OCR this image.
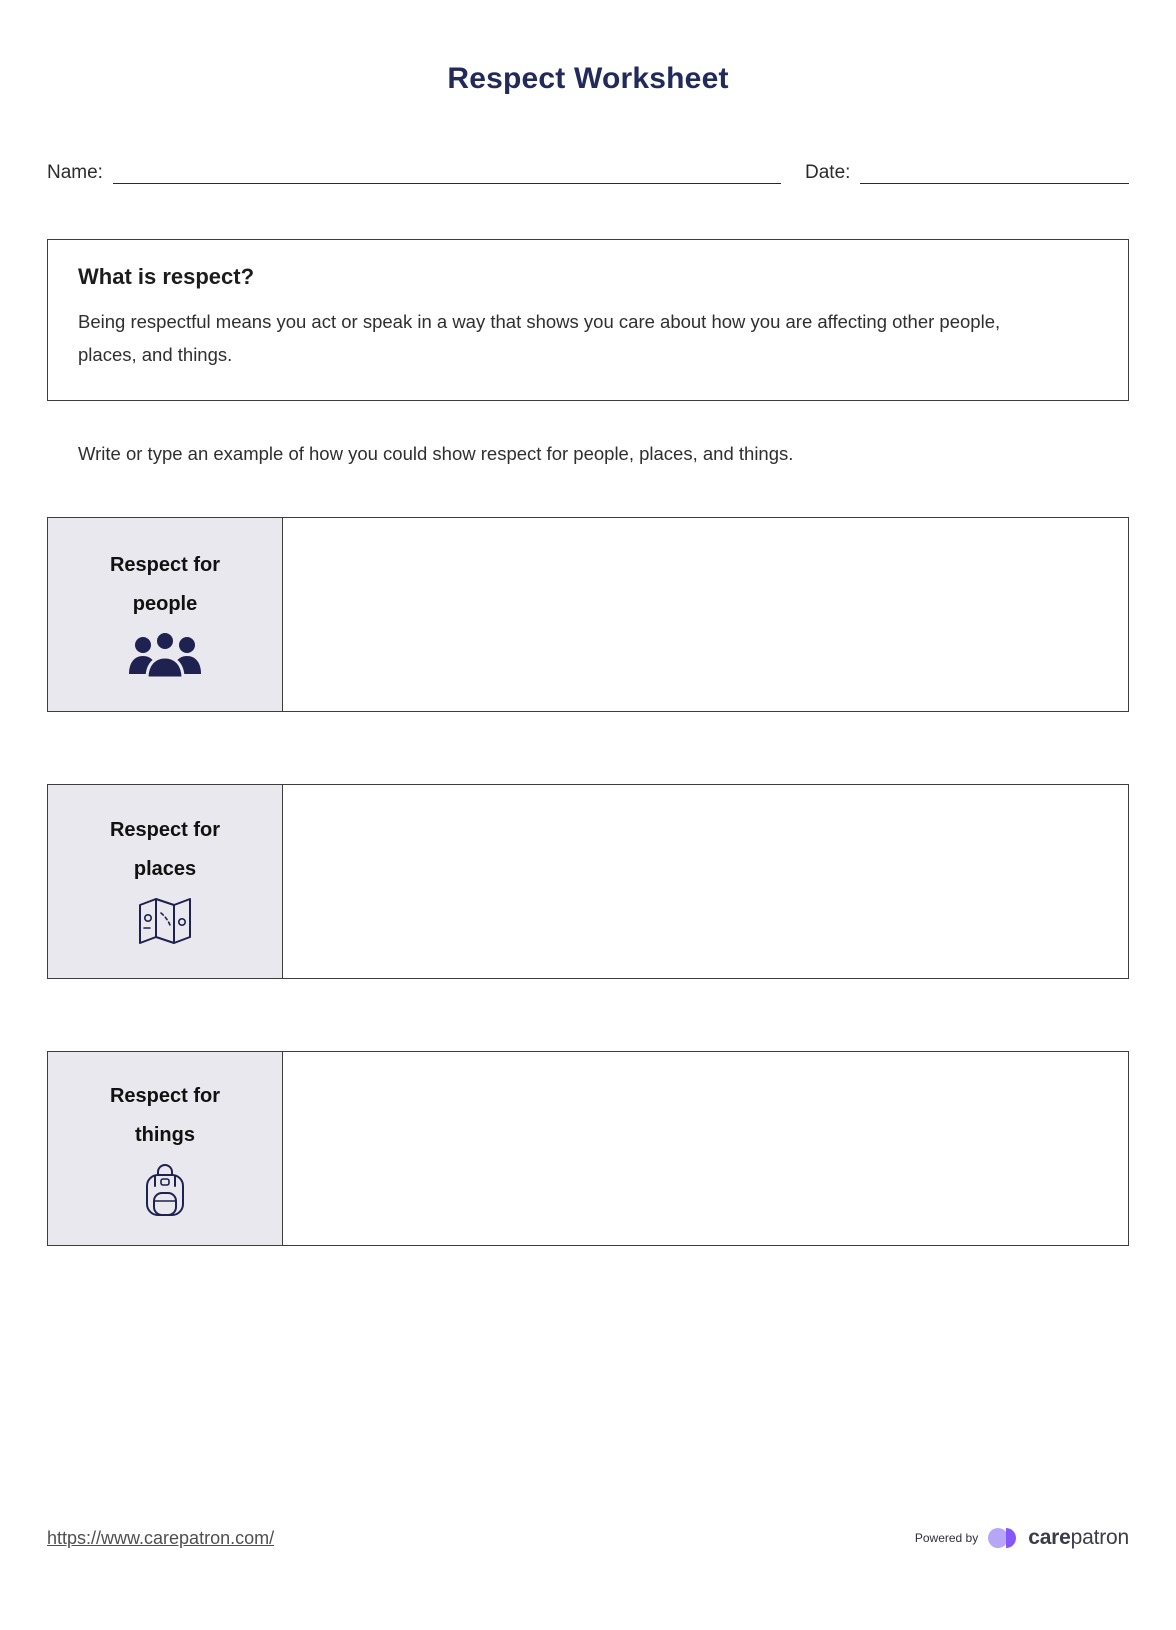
Respect Worksheet
Name:	Date:
What is respect?

Being respectful means you act or speak in a way that shows you care about how you are affecting other people, places, and things.

Write or type an example of how you could show respect for people, places, and things.

Respect for
people
Respect for
places
Respect for
things
https://www.carepatron.com/	Powered by carepatron
